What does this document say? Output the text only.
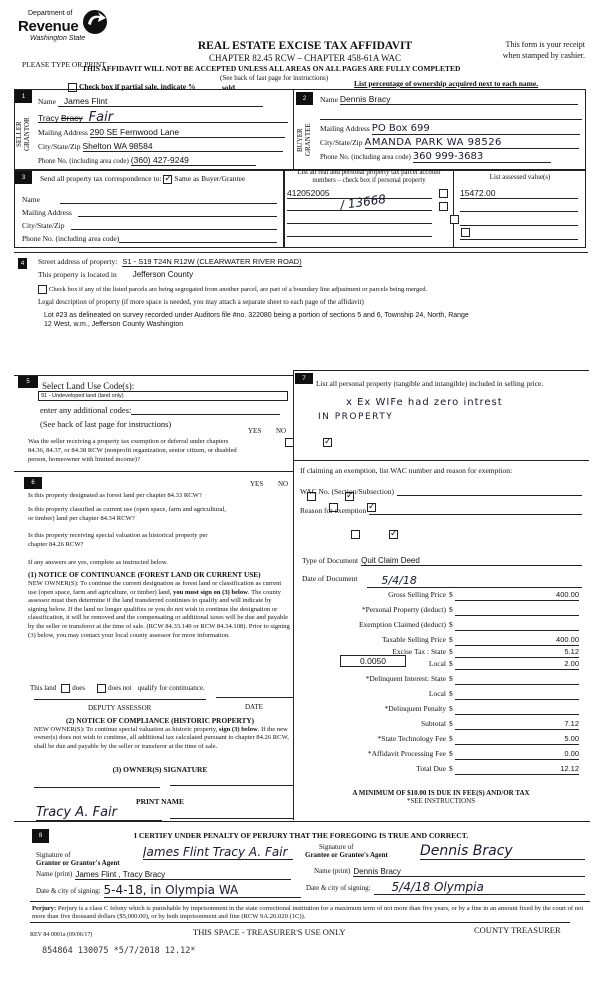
Department of
Revenue
Washington State
PLEASE TYPE OR PRINT
REAL ESTATE EXCISE TAX AFFIDAVIT
CHAPTER 82.45 RCW – CHAPTER 458-61A WAC
This form is your receipt
when stamped by cashier.
THIS AFFIDAVIT WILL NOT BE ACCEPTED UNLESS ALL AREAS ON ALL PAGES ARE FULLY COMPLETED
(See back of last page for instructions)
Check box if partial sale, indicate %	sold.	List percentage of ownership acquired next to each name.
1
SELLER GRANTOR
Name James Flint
Tracy Bracy Fair
Mailing Address 290 SE Fernwood Lane
City/State/Zip Shelton WA 98584
Phone No. (including area code) (360) 427-9249
2
BUYER GRANTEE
Name Dennis Bracy
Mailing Address PO Box 699
City/State/Zip AMANDA PARK WA 98526
Phone No. (including area code) 360 999-3683
3	Send all property tax correspondence to: ✓ Same as Buyer/Grantee
Name
Mailing Address
City/State/Zip
Phone No. (including area code)
List all real and personal property tax parcel account numbers – check box if personal property	List assessed value(s)
412052005 / 13668

	15472.00
4	Street address of property: S1 - S19 T24N R12W (CLEARWATER RIVER ROAD)
This property is located in Jefferson County
Check box if any of the listed parcels are being segregated from another parcel, are part of a boundary line adjustment or parcels being merged.
Legal description of property (if more space is needed, you may attach a separate sheet to each page of the affidavit)
Lot #23 as delineated on survey recorded under Auditors file #no. 322080 being a portion of sections 5 and 6, Township 24, North, Range
12 West, w.m., Jefferson County Washington
5	Select Land Use Code(s):
91 - Undeveloped land (land only)
enter any additional codes:
(See back of last page for instructions)
YES NO
Was the seller receiving a property tax exemption or deferral under chapters 84.36, 84.37, or 84.38 RCW (nonprofit organization, senior citizen, or disabled person, homeowner with limited income)?
✓
6	YES NO
Is this property designated as forest land per chapter 84.33 RCW?
✓
Is this property classified as current use (open space, farm and agricultural, or timber) land per chapter 84.34 RCW?
✓
Is this property receiving special valuation as historical property per chapter 84.26 RCW?
✓
If any answers are yes, complete as instructed below.
(1) NOTICE OF CONTINUANCE (FOREST LAND OR CURRENT USE)
NEW OWNER(S): To continue the current designation as forest land or classification as current use (open space, farm and agriculture, or timber) land, you must sign on (3) below. The county assessor must then determine if the land transferred continues to qualify and will indicate by signing below. If the land no longer qualifies or you do not wish to continue the designation or classification, it will be removed and the compensating or additional taxes will be due and payable by the seller or transferor at the time of sale. (RCW 84.33.140 or RCW 84.34.108). Prior to signing (3) below, you may contact your local county assessor for more information.
This land does	does not qualify for continuance.
DEPUTY ASSESSOR	DATE
(2) NOTICE OF COMPLIANCE (HISTORIC PROPERTY)
NEW OWNER(S): To continue special valuation as historic property, sign (3) below. If the new owner(s) does not wish to continue, all additional tax calculated pursuant to chapter 84.26 RCW, shall be due and payable by the seller or transferor at the time of sale.
(3) OWNER(S) SIGNATURE
PRINT NAME
Tracy A. Fair
7
List all personal property (tangible and intangible) included in selling price.
x Ex WIFe had zero intrest
IN PROPERTY
If claiming an exemption, list WAC number and reason for exemption:
WAC No. (Section/Subsection)
Reason for exemption
Type of Document Quit Claim Deed
Date of Document	5/4/18
Gross Selling Price $	400.00
*Personal Property (deduct) $
Exemption Claimed (deduct) $
Taxable Selling Price $	400.00
Excise Tax : State $	5.12
Local $	2.00
*Delinquent Interest: State $
Local $
*Delinquent Penalty $
Subtotal $	7.12
*State Technology Fee $	5.00
*Affidavit Processing Fee $	0.00
Total Due $	12.12
0.0050
A MINIMUM OF $10.00 IS DUE IN FEE(S) AND/OR TAX
*SEE INSTRUCTIONS
8	I CERTIFY UNDER PENALTY OF PERJURY THAT THE FOREGOING IS TRUE AND CORRECT.
Signature of
Grantor or Grantor's Agent
James Flint Tracy A. Fair
Name (print) James Flint , Tracy Bracy
Date & city of signing: 5-4-18, in Olympia WA
Signature of
Grantee or Grantee's Agent Dennis Bracy
Name (print) Dennis Bracy
Date & city of signing:	5/4/18 Olympia
Perjury: Perjury is a class C felony which is punishable by imprisonment in the state correctional institution for a maximum term of not more than five years, or by a fine in an amount fixed by the court of not more than five thousand dollars ($5,000.00), or by both imprisonment and fine (RCW 9A.20.020 (1C)).
REV 84 0001a (09/06/17)	THIS SPACE - TREASURER'S USE ONLY	COUNTY TREASURER
854864 130075 *5/7/2018 12.12*
